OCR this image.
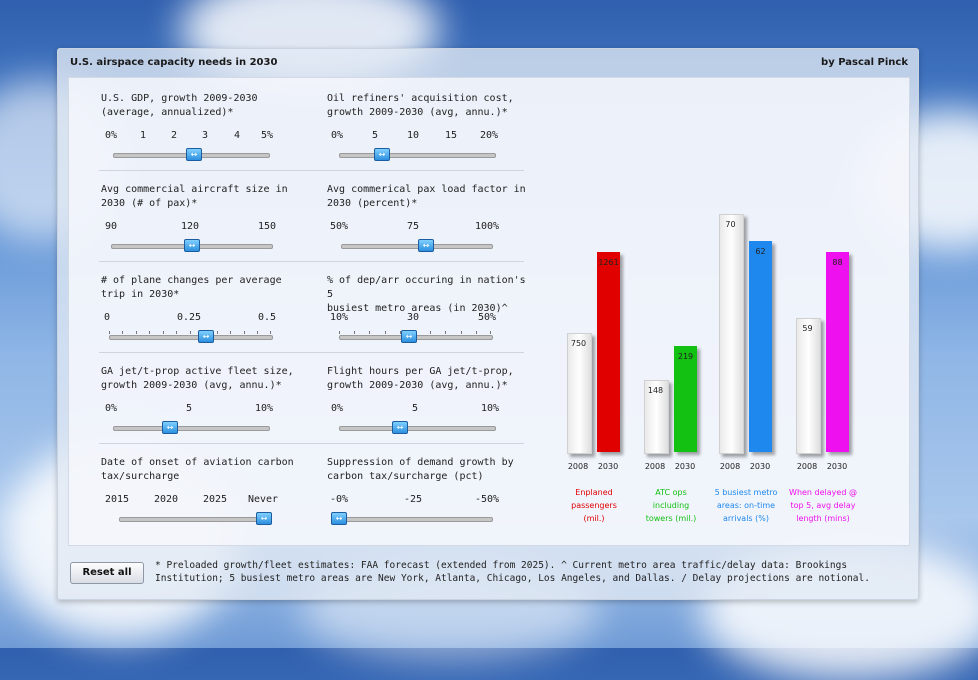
U.S. airspace capacity needs in 2030	by Pascal Pinck
U.S. GDP, growth 2009-2030
(average, annualized)*
0% 1 2 3	4 5%
↔
Oil refiners' acquisition cost,
growth 2009-2030 (avg, annu.)*
0%	5	10	15 20%
↔
Avg commercial aircraft size in
2030 (# of pax)*
90	120	150
↔
Avg commerical pax load factor in
2030 (percent)*
50%	75	100%
↔
# of plane changes per average
trip in 2030*
0	0.25	0.5
↔
% of dep/arr occuring in nation's 5
busiest metro areas (in 2030)^
10%	30	50%
↔
GA jet/t-prop active fleet size,
growth 2009-2030 (avg, annu.)*
0%	5	10%
↔
Flight hours per GA jet/t-prop,
growth 2009-2030 (avg, annu.)*
0%	5	10%
↔
Date of onset of aviation carbon
tax/surcharge
2015 2020 2025 Never
↔
Suppression of demand growth by
carbon tax/surcharge (pct)
-0%	-25	-50%
↔
750
2008
1261
2030
Enplaned
passengers
(mil.)
148
2008
219
2030
ATC ops
including
towers (mil.)
70
2008
62
2030
5 busiest metro
areas: on-time
arrivals (%)
59
2008
88
2030
When delayed @
top 5, avg delay
length (mins)
Reset all
* Preloaded growth/fleet estimates: FAA forecast (extended from 2025). ^ Current metro area traffic/delay data: Brookings Institution; 5 busiest metro areas are New York, Atlanta, Chicago, Los Angeles, and Dallas. / Delay projections are notional.
